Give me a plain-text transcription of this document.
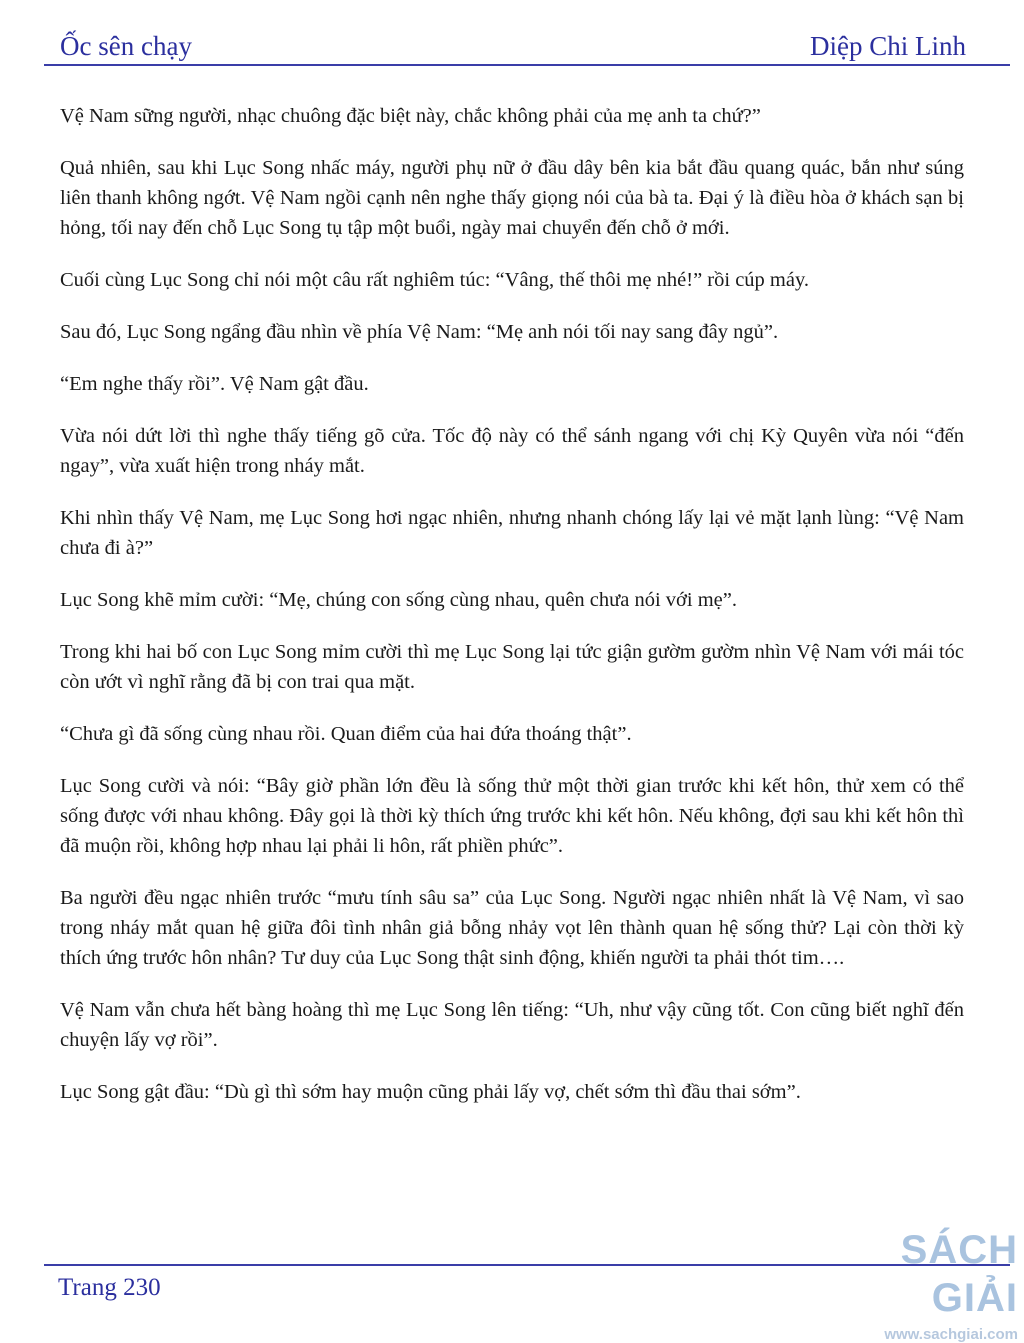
Ốc sên chạy	Diệp Chi Linh

Vệ Nam sững người, nhạc chuông đặc biệt này, chắc không phải của mẹ anh ta chứ?”

Quả nhiên, sau khi Lục Song nhấc máy, người phụ nữ ở đầu dây bên kia bắt đầu quang quác, bắn như súng liên thanh không ngớt. Vệ Nam ngồi cạnh nên nghe thấy giọng nói của bà ta. Đại ý là điều hòa ở khách sạn bị hỏng, tối nay đến chỗ Lục Song tụ tập một buổi, ngày mai chuyển đến chỗ ở mới.

Cuối cùng Lục Song chỉ nói một câu rất nghiêm túc: “Vâng, thế thôi mẹ nhé!” rồi cúp máy.

Sau đó, Lục Song ngẩng đầu nhìn về phía Vệ Nam: “Mẹ anh nói tối nay sang đây ngủ”.

“Em nghe thấy rồi”. Vệ Nam gật đầu.

Vừa nói dứt lời thì nghe thấy tiếng gõ cửa. Tốc độ này có thể sánh ngang với chị Kỳ Quyên vừa nói “đến ngay”, vừa xuất hiện trong nháy mắt.

Khi nhìn thấy Vệ Nam, mẹ Lục Song hơi ngạc nhiên, nhưng nhanh chóng lấy lại vẻ mặt lạnh lùng: “Vệ Nam chưa đi à?”

Lục Song khẽ mỉm cười: “Mẹ, chúng con sống cùng nhau, quên chưa nói với mẹ”.

Trong khi hai bố con Lục Song mỉm cười thì mẹ Lục Song lại tức giận gườm gườm nhìn Vệ Nam với mái tóc còn ướt vì nghĩ rằng đã bị con trai qua mặt.

“Chưa gì đã sống cùng nhau rồi. Quan điểm của hai đứa thoáng thật”.

Lục Song cười và nói: “Bây giờ phần lớn đều là sống thử một thời gian trước khi kết hôn, thử xem có thể sống được với nhau không. Đây gọi là thời kỳ thích ứng trước khi kết hôn. Nếu không, đợi sau khi kết hôn thì đã muộn rồi, không hợp nhau lại phải li hôn, rất phiền phức”.

Ba người đều ngạc nhiên trước “mưu tính sâu sa” của Lục Song. Người ngạc nhiên nhất là Vệ Nam, vì sao trong nháy mắt quan hệ giữa đôi tình nhân giả bỗng nhảy vọt lên thành quan hệ sống thử? Lại còn thời kỳ thích ứng trước hôn nhân? Tư duy của Lục Song thật sinh động, khiến người ta phải thót tim….

Vệ Nam vẫn chưa hết bàng hoàng thì mẹ Lục Song lên tiếng: “Uh, như vậy cũng tốt. Con cũng biết nghĩ đến chuyện lấy vợ rồi”.

Lục Song gật đầu: “Dù gì thì sớm hay muộn cũng phải lấy vợ, chết sớm thì đầu thai sớm”.

Trang 230
SÁCH GIẢI
www.sachgiai.com
